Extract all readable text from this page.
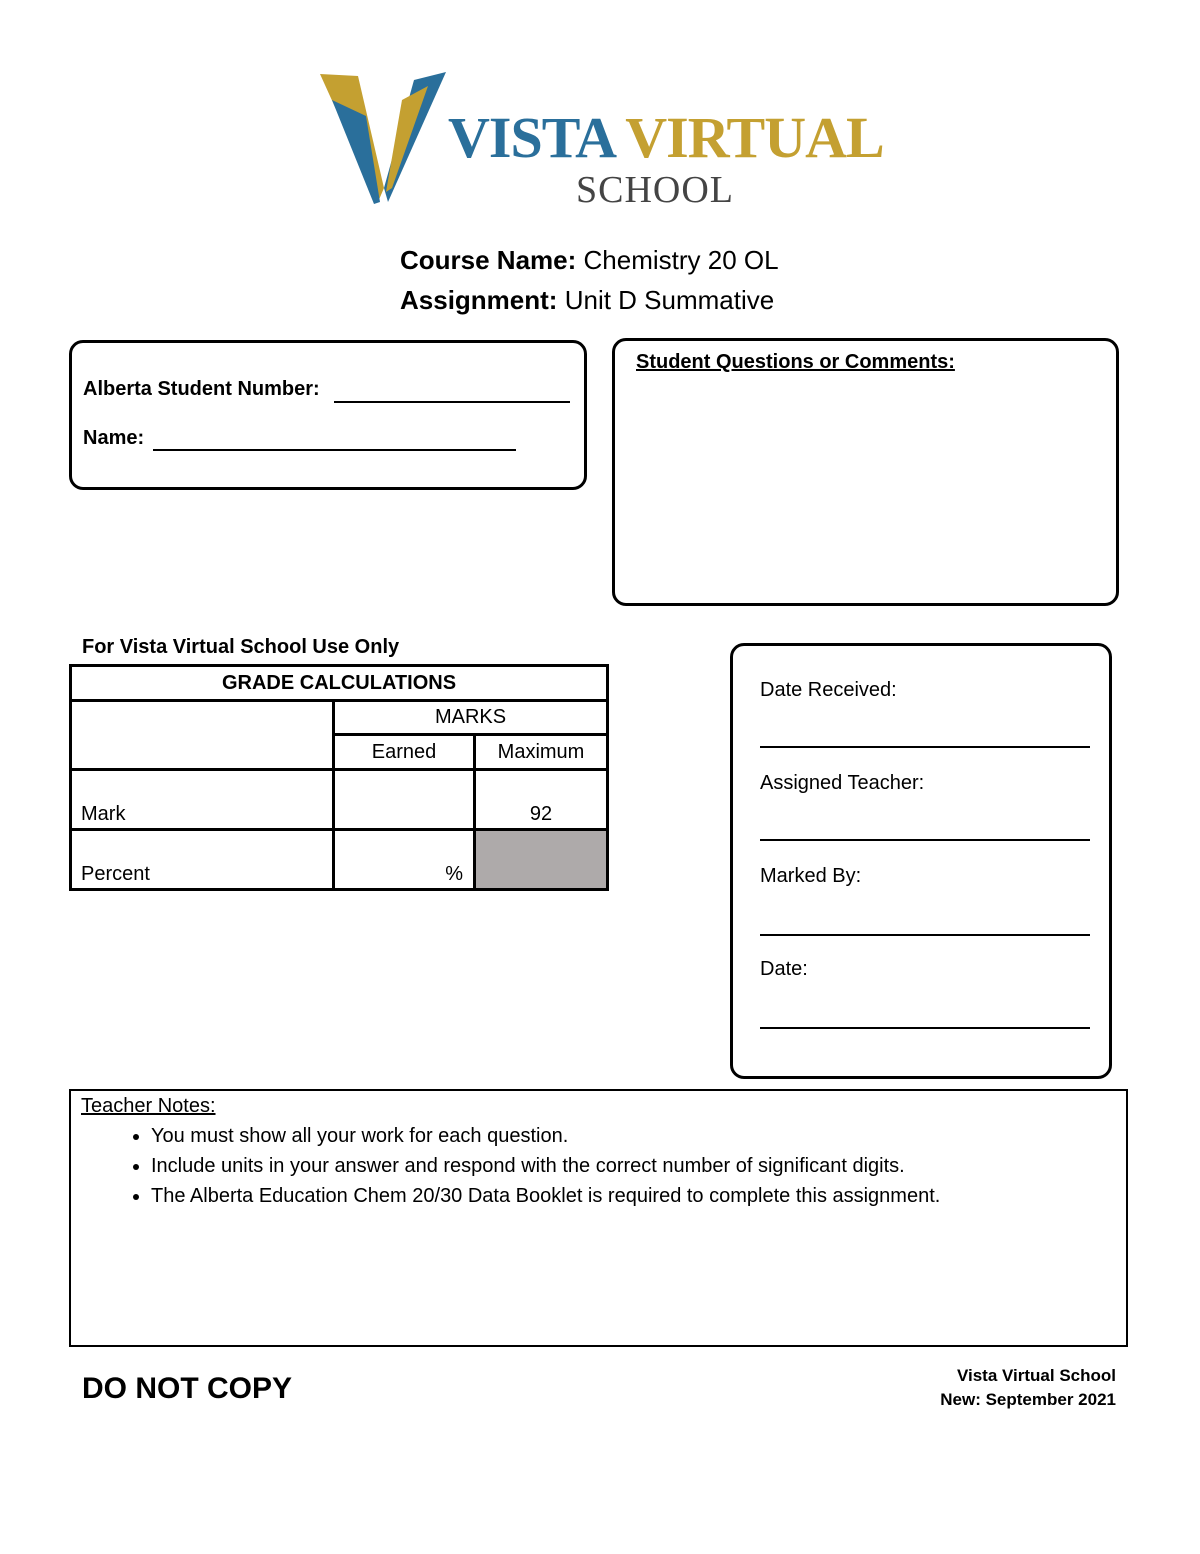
VISTA VIRTUAL
SCHOOL
Course Name: Chemistry 20 OL
Assignment: Unit D Summative
Alberta Student Number:
Name:
Student Questions or Comments:
For Vista Virtual School Use Only
GRADE CALCULATIONS		
	MARKS	
	Earned	Maximum
Mark		92
Percent	%	
Date Received:
Assigned Teacher:
Marked By:
Date:
Teacher Notes:
• You must show all your work for each question.
• Include units in your answer and respond with the correct number of significant digits.
• The Alberta Education Chem 20/30 Data Booklet is required to complete this assignment.
DO NOT COPY	Vista Virtual School
New: September 2021
